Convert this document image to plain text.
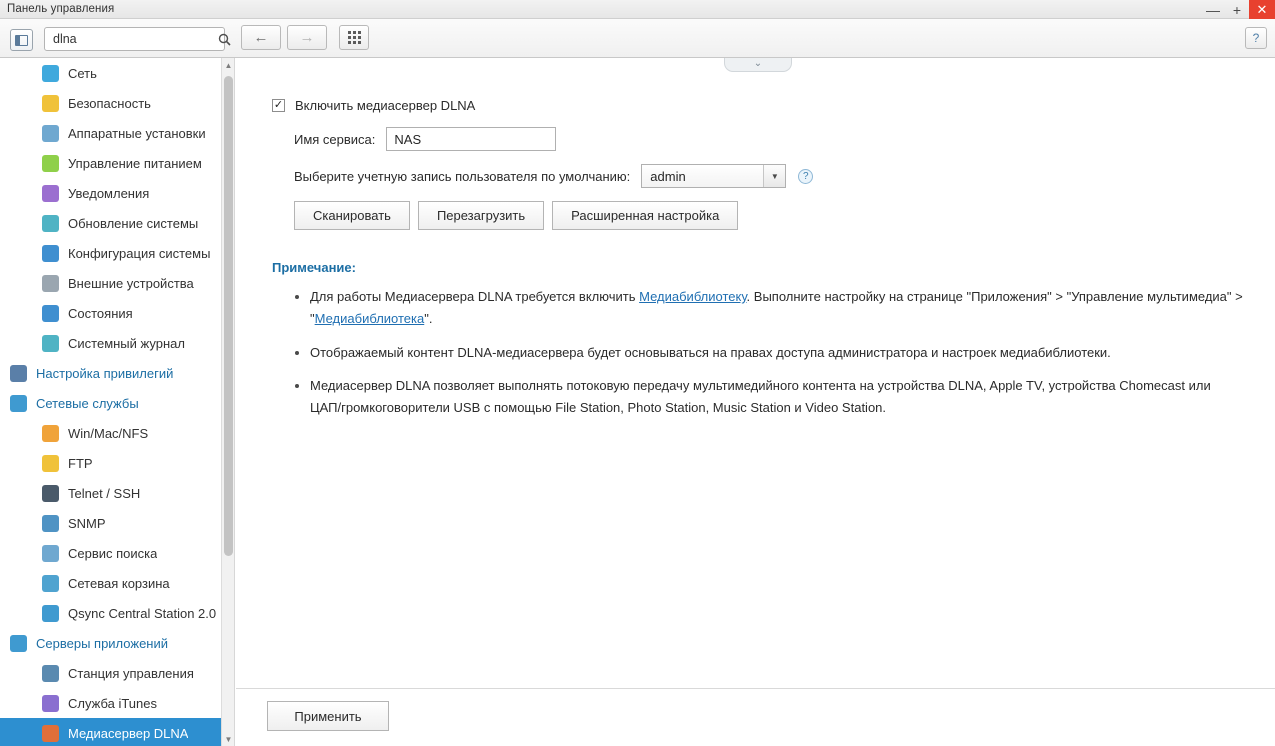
Панель управления	— +	✕
dlna
←	→	?
Сеть
Безопасность
Аппаратные установки
Управление питанием
Уведомления
Обновление системы
Конфигурация системы
Внешние устройства
Состояния
Системный журнал
Настройка привилегий
Сетевые службы
Win/Mac/NFS
FTP
Telnet / SSH
SNMP
Сервис поиска
Сетевая корзина
Qsync Central Station 2.0
Серверы приложений
Станция управления
Служба iTunes
Медиасервер DLNA
▲
▼
⌄
✓ Включить медиасервер DLNA
Имя сервиса:
NAS
Выберите учетную запись пользователя по умолчанию:	admin	▼	?
Сканировать	Перезагрузить	Расширенная настройка
Примечание:
• Для работы Медиасервера DLNA требуется включить Медиабиблиотеку. Выполните настройку на странице "Приложения" > "Управление мультимедиа" > "Медиабиблиотека".
• Отображаемый контент DLNA-медиасервера будет основываться на правах доступа администратора и настроек медиабиблиотеки.
• Медиасервер DLNA позволяет выполнять потоковую передачу мультимедийного контента на устройства DLNA, Apple TV, устройства Chomecast или ЦАП/громкоговорители USB с помощью File Station, Photo Station, Music Station и Video Station.
Применить
